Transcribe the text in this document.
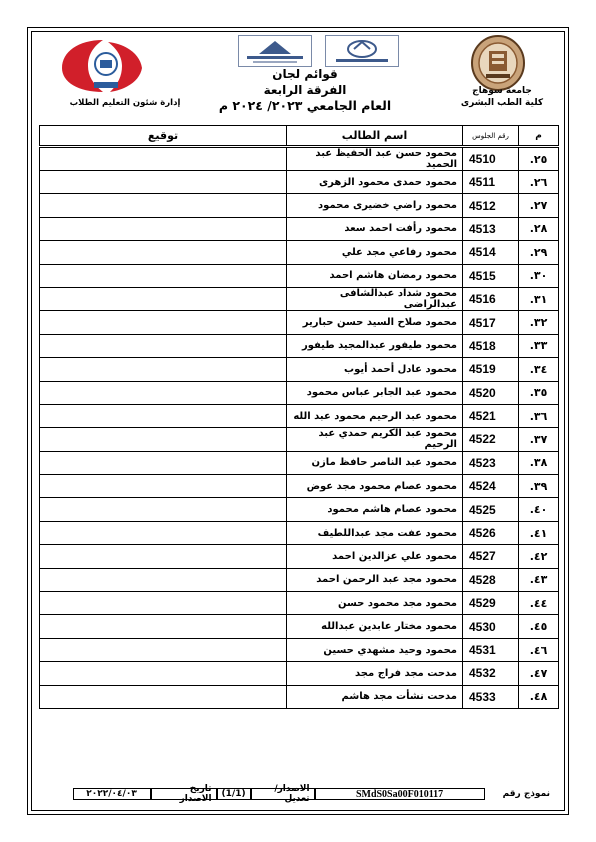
جامعة سوهاج
كلية الطب البشرى
إدارة شئون التعليم الطلاب
قوائم لجان
الفرقة الرابعة
العام الجامعي ٢٠٢٣/ ٢٠٢٤ م
م	رقم الجلوس	اسم الطالب	توقيع
٢٥.	4510	محمود حسن عبد الحفيظ عبد الحميد	
٢٦.	4511	محمود حمدى محمود الزهرى	
٢٧.	4512	محمود راضي خضيرى محمود	
٢٨.	4513	محمود رأفت احمد سعد	
٢٩.	4514	محمود رفاعي مجد علي	
٣٠.	4515	محمود رمضان هاشم احمد	
٣١.	4516	محمود شداد عبدالشافى عبدالراضى	
٣٢.	4517	محمود صلاح السيد حسن حبارير	
٣٣.	4518	محمود طيفور عبدالمجيد طيفور	
٣٤.	4519	محمود عادل أحمد أيوب	
٣٥.	4520	محمود عبد الجابر عباس محمود	
٣٦.	4521	محمود عبد الرحيم محمود عبد الله	
٣٧.	4522	محمود عبد الكريم حمدي عبد الرحيم	
٣٨.	4523	محمود عبد الناصر حافظ مازن	
٣٩.	4524	محمود عصام محمود مجد عوض	
٤٠.	4525	محمود عصام هاشم محمود	
٤١.	4526	محمود عفت مجد عبداللطيف	
٤٢.	4527	محمود علي عزالدين احمد	
٤٣.	4528	محمود مجد عبد الرحمن احمد	
٤٤.	4529	محمود مجد محمود حسن	
٤٥.	4530	محمود مختار عابدين عبدالله	
٤٦.	4531	محمود وحيد مشهدي حسين	
٤٧.	4532	مدحت مجد فراج مجد	
٤٨.	4533	مدحت نشأت مجد هاشم	
نموذج رقم
SMdS0Sa00F010117
الاصدار/تعديل
(1/1)
تاريخ الاصدار
٢٠٢٢/٠٤/٠٣
